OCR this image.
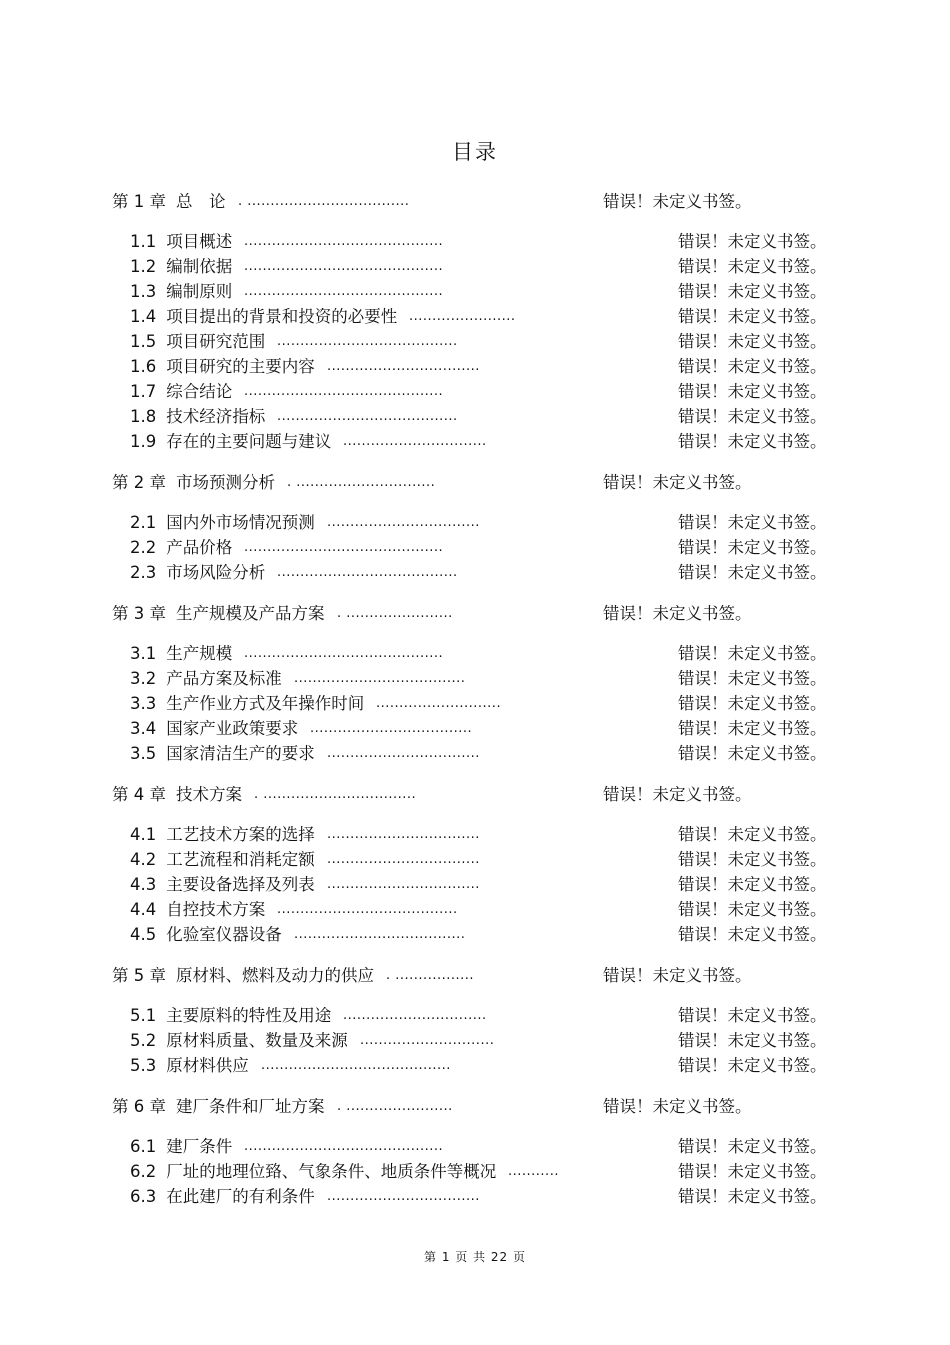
目录
第 1 章 总　论 . ...................................	错误！未定义书签。
1.1 项目概述 ...........................................	错误！未定义书签。
1.2 编制依据 ...........................................	错误！未定义书签。
1.3 编制原则 ...........................................	错误！未定义书签。
1.4 项目提出的背景和投资的必要性 .......................	错误！未定义书签。
1.5 项目研究范围 .......................................	错误！未定义书签。
1.6 项目研究的主要内容 .................................	错误！未定义书签。
1.7 综合结论 ...........................................	错误！未定义书签。
1.8 技术经济指标 .......................................	错误！未定义书签。
1.9 存在的主要问题与建议 ...............................	错误！未定义书签。
第 2 章 市场预测分析 . ..............................	错误！未定义书签。
2.1 国内外市场情况预测 .................................	错误！未定义书签。
2.2 产品价格 ...........................................	错误！未定义书签。
2.3 市场风险分析 .......................................	错误！未定义书签。
第 3 章 生产规模及产品方案 . .......................	错误！未定义书签。
3.1 生产规模 ...........................................	错误！未定义书签。
3.2 产品方案及标准 .....................................	错误！未定义书签。
3.3 生产作业方式及年操作时间 ...........................	错误！未定义书签。
3.4 国家产业政策要求 ...................................	错误！未定义书签。
3.5 国家清洁生产的要求 .................................	错误！未定义书签。
第 4 章 技术方案 . .................................	错误！未定义书签。
4.1 工艺技术方案的选择 .................................	错误！未定义书签。
4.2 工艺流程和消耗定额 .................................	错误！未定义书签。
4.3 主要设备选择及列表 .................................	错误！未定义书签。
4.4 自控技术方案 .......................................	错误！未定义书签。
4.5 化验室仪器设备 .....................................	错误！未定义书签。
第 5 章 原材料、燃料及动力的供应 . .................	错误！未定义书签。
5.1 主要原料的特性及用途 ...............................	错误！未定义书签。
5.2 原材料质量、数量及来源 .............................	错误！未定义书签。
5.3 原材料供应 .........................................	错误！未定义书签。
第 6 章 建厂条件和厂址方案 . .......................	错误！未定义书签。
6.1 建厂条件 ...........................................	错误！未定义书签。
6.2 厂址的地理位臵、气象条件、地质条件等概况 ...........	错误！未定义书签。
6.3 在此建厂的有利条件 .................................	错误！未定义书签。
第 1 页 共 22 页
